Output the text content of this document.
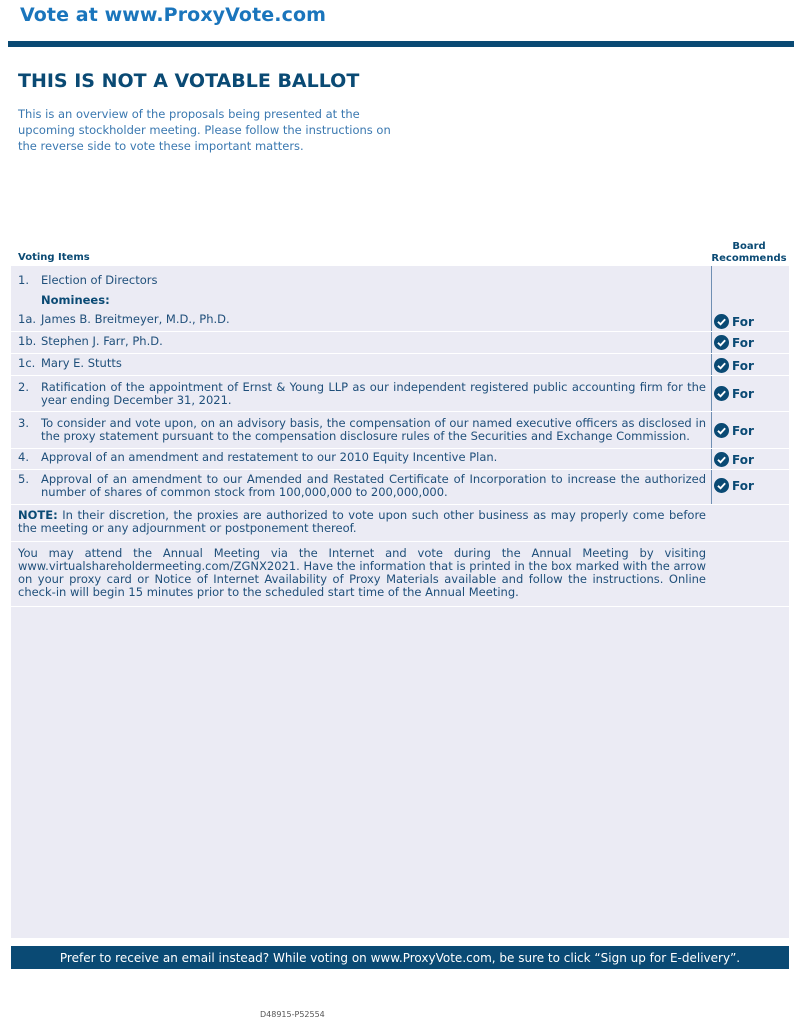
Vote at www.ProxyVote.com
THIS IS NOT A VOTABLE BALLOT
This is an overview of the proposals being presented at the upcoming stockholder meeting. Please follow the instructions on the reverse side to vote these important matters.
Voting Items
Board
Recommends
1. Election of Directors
Nominees:
1a. James B. Breitmeyer, M.D., Ph.D.	For
1b. Stephen J. Farr, Ph.D.	For
1c. Mary E. Stutts	For
2. Ratification of the appointment of Ernst & Young LLP as our independent registered public accounting firm for the year ending December 31, 2021.	For
3. To consider and vote upon, on an advisory basis, the compensation of our named executive officers as disclosed in the proxy statement pursuant to the compensation disclosure rules of the Securities and Exchange Commission.	For
4. Approval of an amendment and restatement to our 2010 Equity Incentive Plan.	For
5. Approval of an amendment to our Amended and Restated Certificate of Incorporation to increase the authorized number of shares of common stock from 100,000,000 to 200,000,000.	For
NOTE: In their discretion, the proxies are authorized to vote upon such other business as may properly come before the meeting or any adjournment or postponement thereof.
You may attend the Annual Meeting via the Internet and vote during the Annual Meeting by visiting www.virtualshareholdermeeting.com/ZGNX2021. Have the information that is printed in the box marked with the arrow on your proxy card or Notice of Internet Availability of Proxy Materials available and follow the instructions. Online check-in will begin 15 minutes prior to the scheduled start time of the Annual Meeting.
Prefer to receive an email instead? While voting on www.ProxyVote.com, be sure to click “Sign up for E-delivery”.
D48915-P52554
